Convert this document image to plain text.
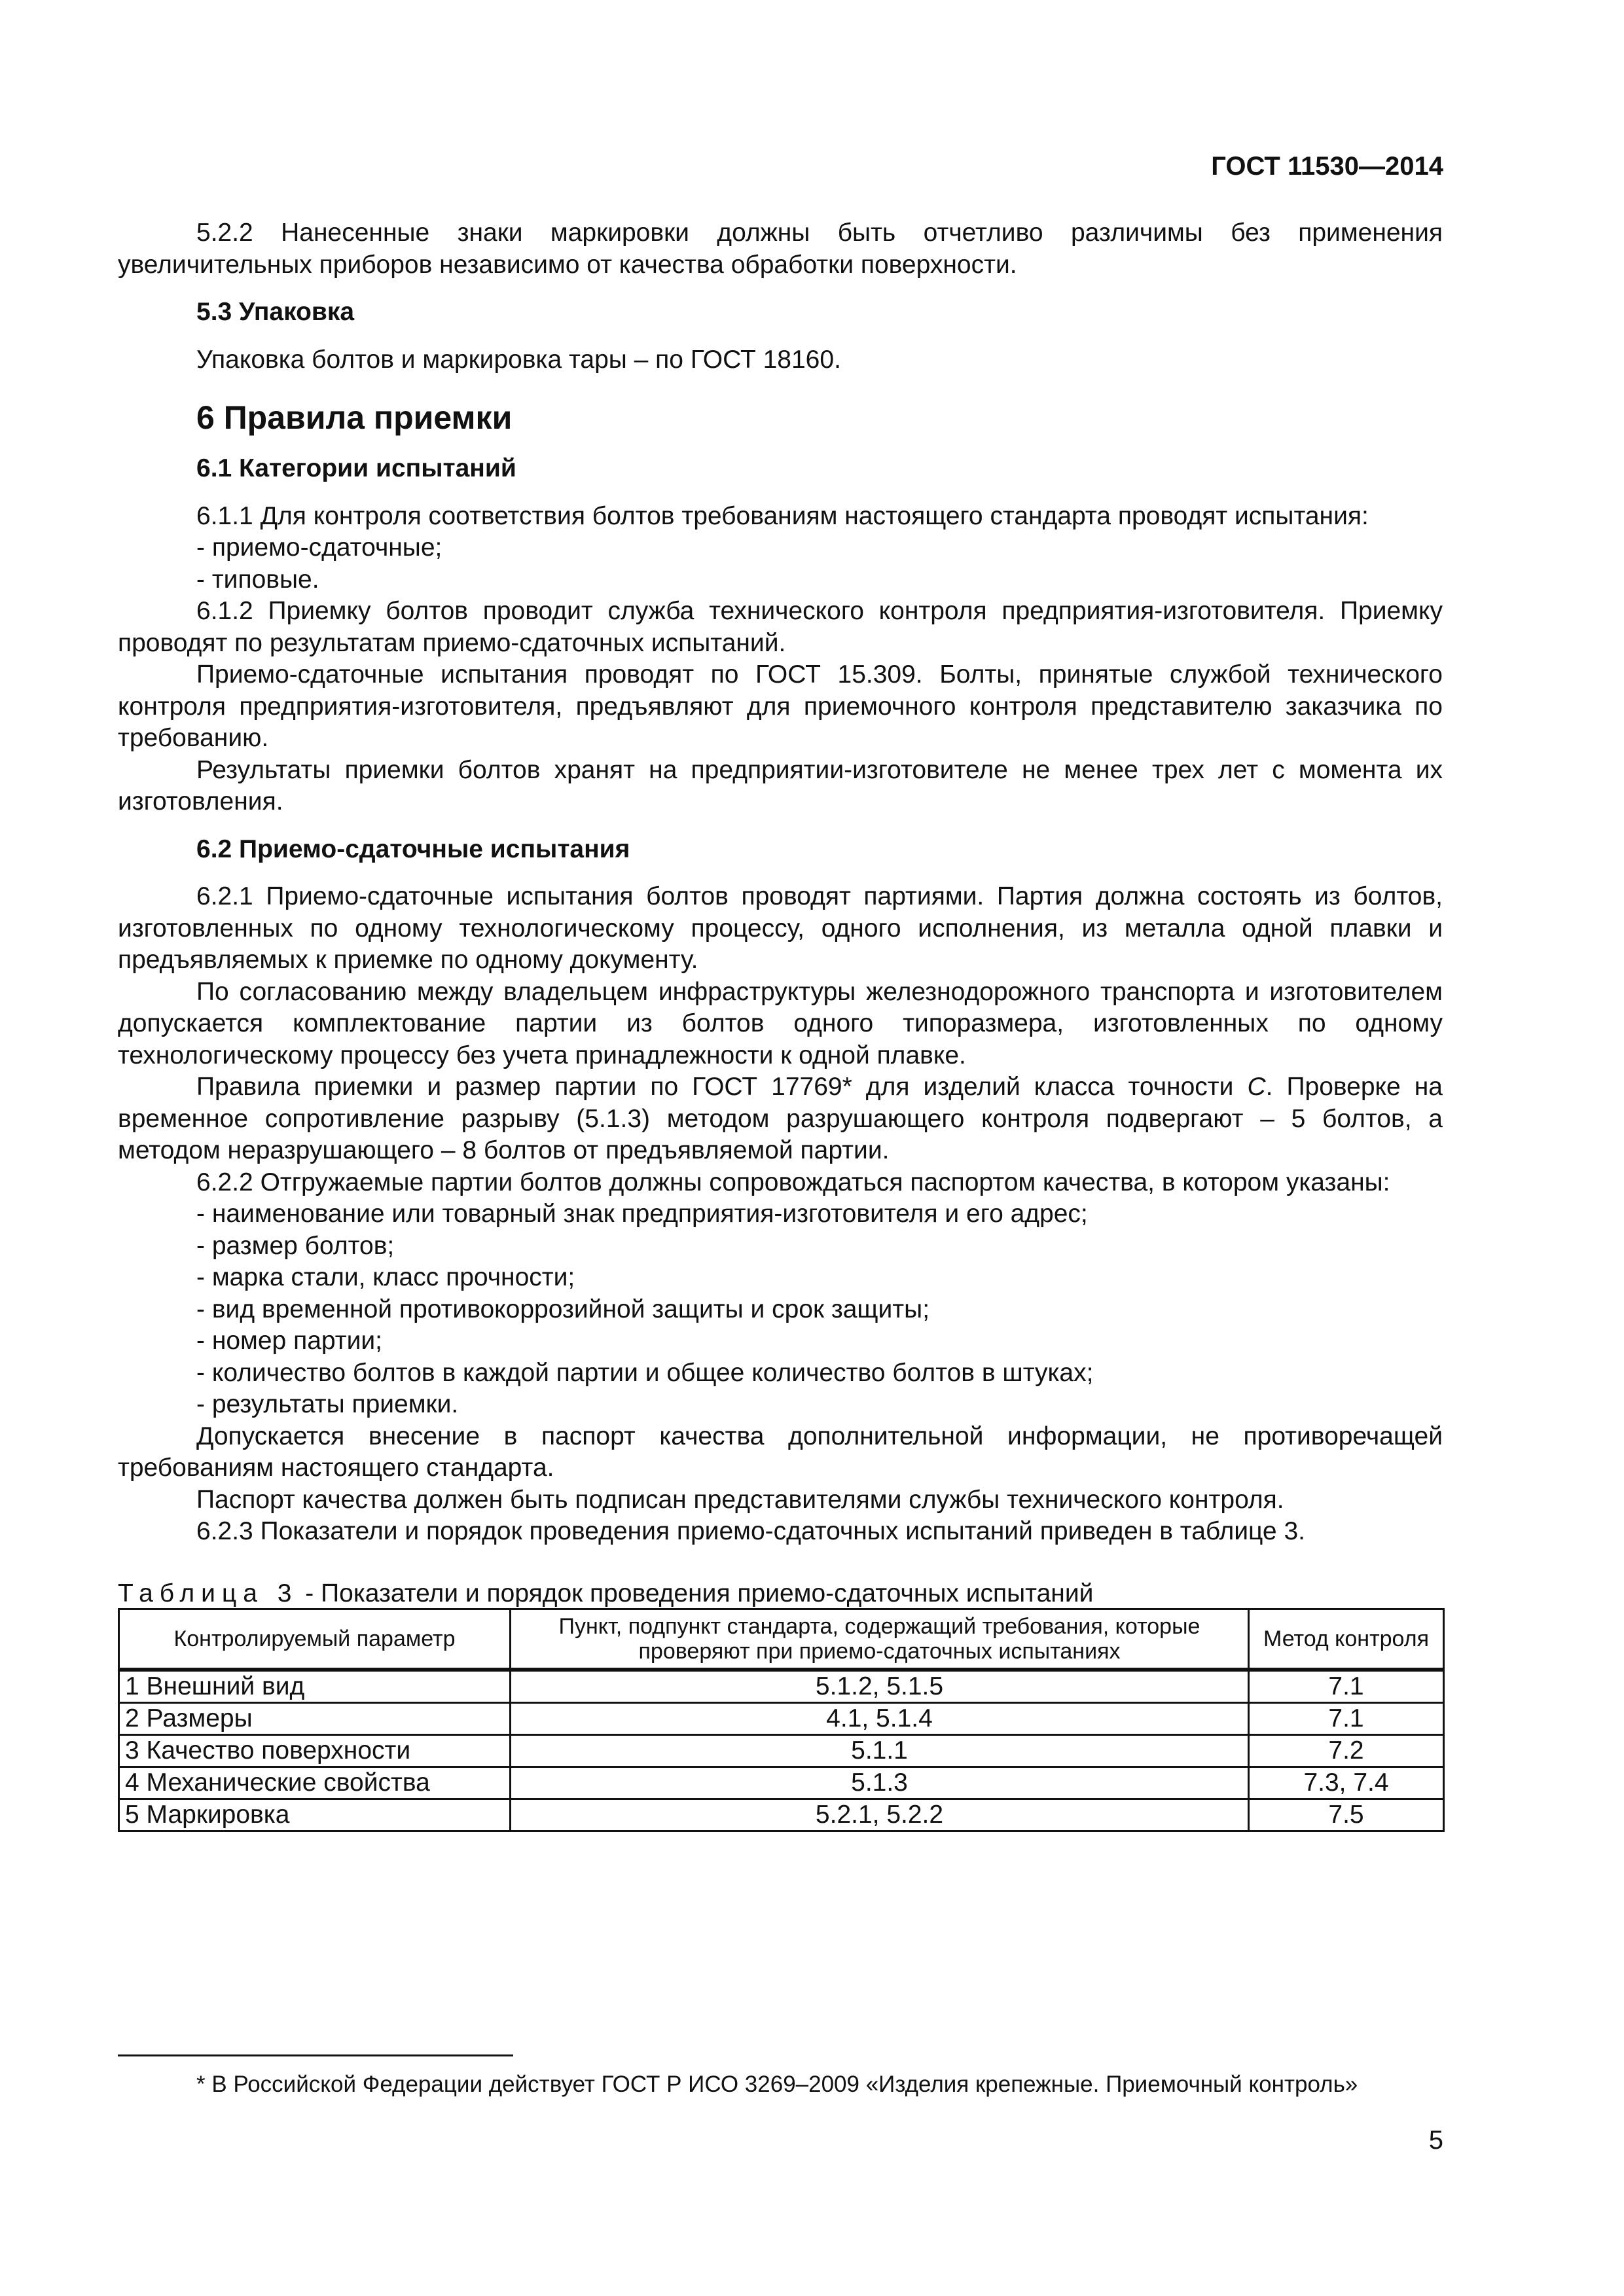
ГОСТ 11530—2014

5.2.2 Нанесенные знаки маркировки должны быть отчетливо различимы без применения увеличительных приборов независимо от качества обработки поверхности.

5.3 Упаковка

Упаковка болтов и маркировка тары – по ГОСТ 18160.

6 Правила приемки

6.1 Категории испытаний

6.1.1 Для контроля соответствия болтов требованиям настоящего стандарта проводят испытания:

- приемо-сдаточные;

- типовые.

6.1.2 Приемку болтов проводит служба технического контроля предприятия-изготовителя. Приемку проводят по результатам приемо-сдаточных испытаний.

Приемо-сдаточные испытания проводят по ГОСТ 15.309. Болты, принятые службой технического контроля предприятия-изготовителя, предъявляют для приемочного контроля представителю заказчика по требованию.

Результаты приемки болтов хранят на предприятии-изготовителе не менее трех лет с момента их изготовления.

6.2 Приемо-сдаточные испытания

6.2.1 Приемо-сдаточные испытания болтов проводят партиями. Партия должна состоять из болтов, изготовленных по одному технологическому процессу, одного исполнения, из металла одной плавки и предъявляемых к приемке по одному документу.

По согласованию между владельцем инфраструктуры железнодорожного транспорта и изготовителем допускается комплектование партии из болтов одного типоразмера, изготовленных по одному технологическому процессу без учета принадлежности к одной плавке.

Правила приемки и размер партии по ГОСТ 17769* для изделий класса точности С. Проверке на временное сопротивление разрыву (5.1.3) методом разрушающего контроля подвергают – 5 болтов, а методом неразрушающего – 8 болтов от предъявляемой партии.

6.2.2 Отгружаемые партии болтов должны сопровождаться паспортом качества, в котором указаны:

- наименование или товарный знак предприятия-изготовителя и его адрес;

- размер болтов;

- марка стали, класс прочности;

- вид временной противокоррозийной защиты и срок защиты;

- номер партии;

- количество болтов в каждой партии и общее количество болтов в штуках;

- результаты приемки.

Допускается внесение в паспорт качества дополнительной информации, не противоречащей требованиям настоящего стандарта.

Паспорт качества должен быть подписан представителями службы технического контроля.

6.2.3 Показатели и порядок проведения приемо-сдаточных испытаний приведен в таблице 3.

Таблица 3 - Показатели и порядок проведения приемо-сдаточных испытаний

Контролируемый параметр	Пункт, подпункт стандарта, содержащий требования, которые проверяют при приемо-сдаточных испытаниях	Метод контроля
1 Внешний вид	5.1.2, 5.1.5	7.1
2 Размеры	4.1, 5.1.4	7.1
3 Качество поверхности	5.1.1	7.2
4 Механические свойства	5.1.3	7.3, 7.4
5 Маркировка	5.2.1, 5.2.2	7.5

* В Российской Федерации действует ГОСТ Р ИСО 3269–2009 «Изделия крепежные. Приемочный контроль»

5
